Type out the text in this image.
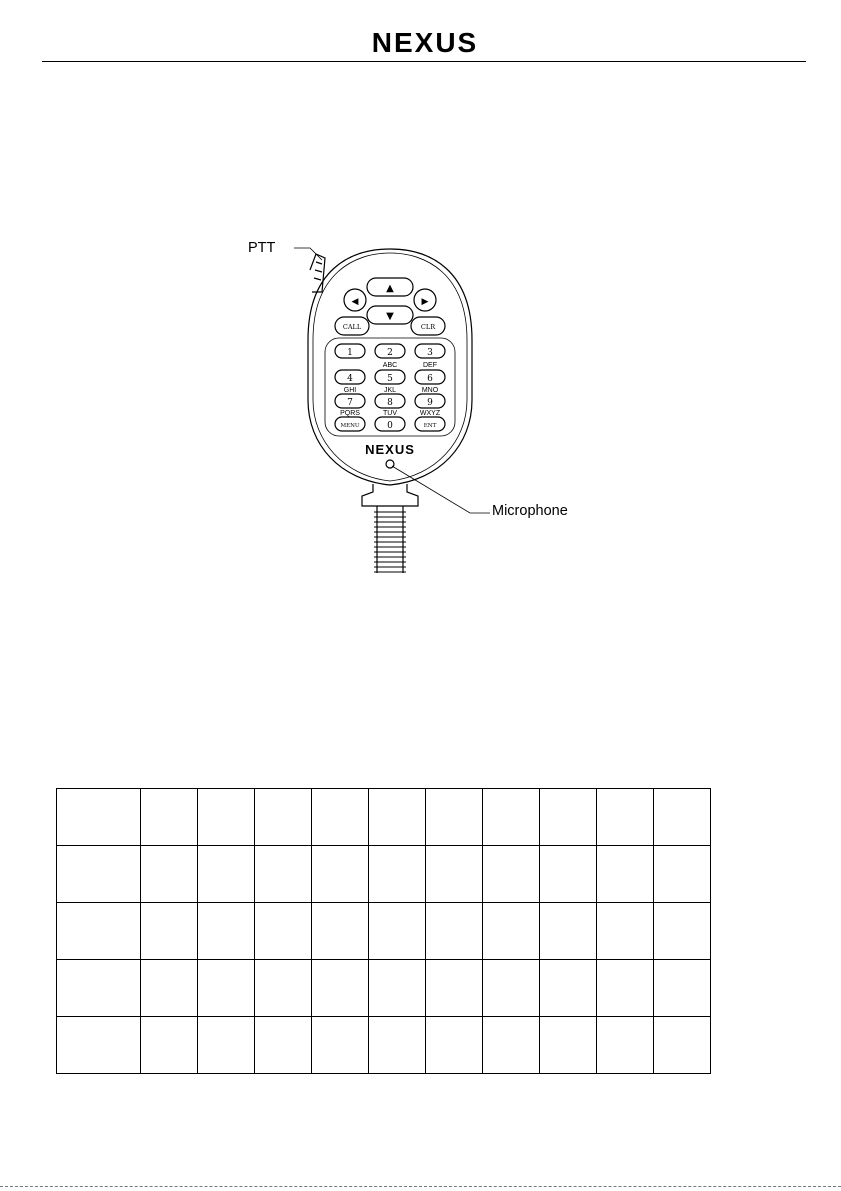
NEXUS
▲
▼
◀	▶
CALL	CLR
1	2	3
4	5	6
7	8	9
MENU	0	ENT
ABC	DEF
GHI	JKL	MNO
PQRS	TUV	WXYZ
NEXUS
PTT
Microphone
